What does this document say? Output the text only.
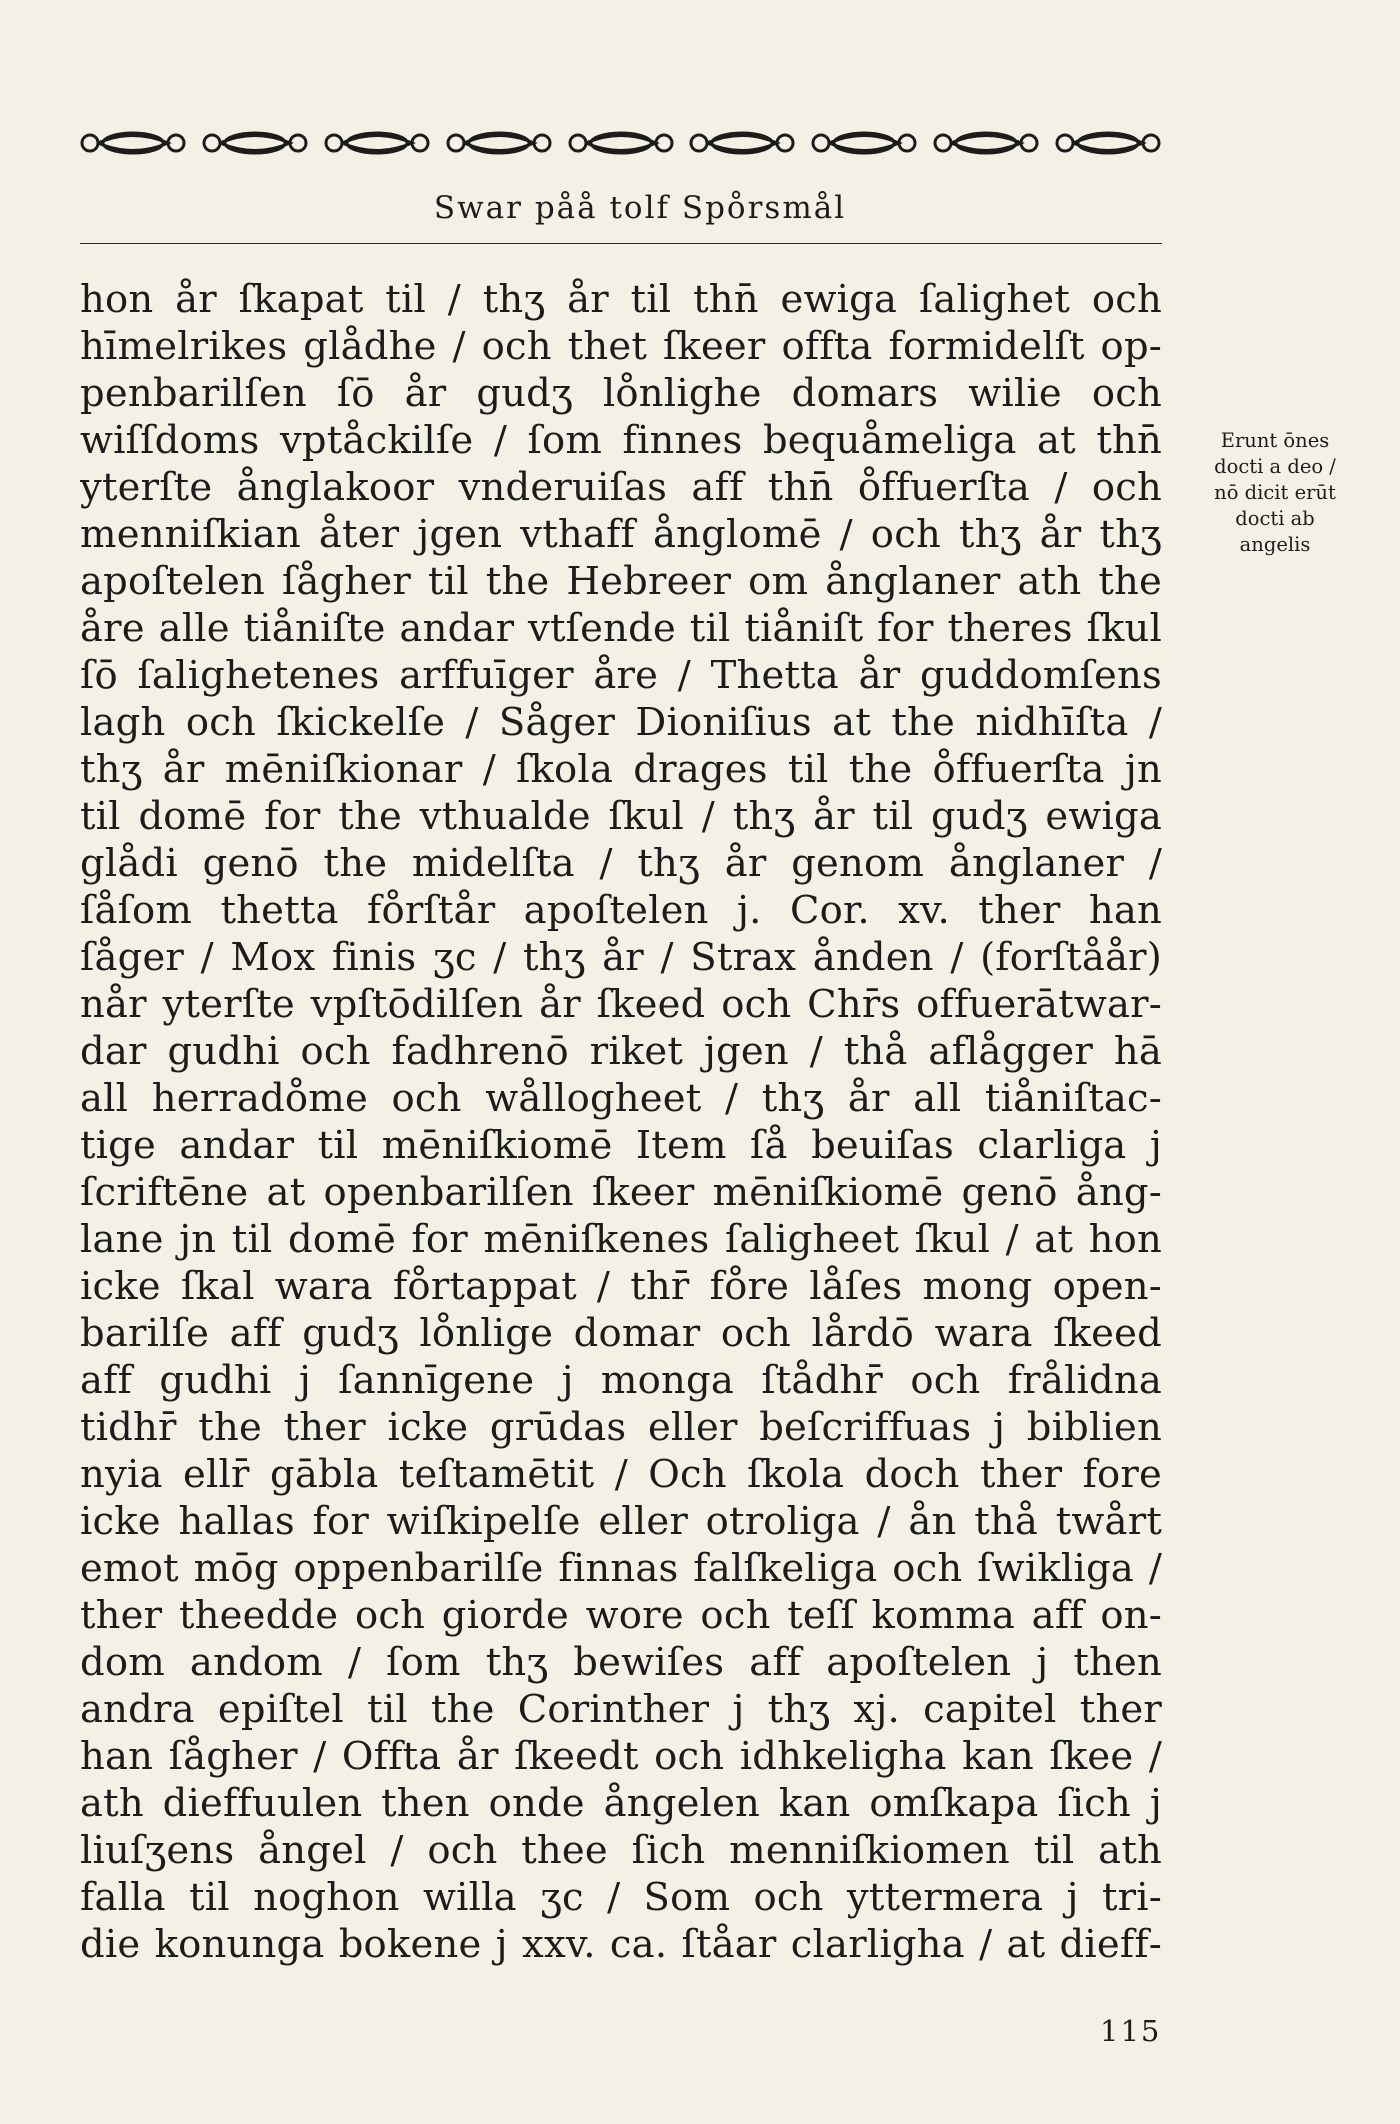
Swar påå tolf Spo̊rsmål
hon år ſkapat til / thʒ år til thn̄ ewiga ſalighet och
hīmelrikes glådhe / och thet ſkeer offta formidelſt op‑
penbarilſen ſō år gudʒ lo̊nlighe domars wilie och
wiſſdoms vptåckilſe / ſom finnes bequåmeliga at thn̄
yterſte ånglakoor vnderuiſas aff thn̄ o̊ffuerſta / och
menniſkian åter jgen vthaff ånglomē / och thʒ år thʒ
apoſtelen ſågher til the Hebreer om ånglaner ath the
åre alle tiåniſte andar vtſende til tiåniſt for theres ſkul
ſō ſalighetenes arffuīger åre / Thetta år guddomſens
lagh och ſkickelſe / Såger Dioniſius at the nidhīſta /
thʒ år mēniſkionar / ſkola drages til the o̊ffuerſta jn
til domē for the vthualde ſkul / thʒ år til gudʒ ewiga
glådi genō the midelſta / thʒ år genom ånglaner /
ſåſom thetta fo̊rſtår apoſtelen j. Cor. xv. ther han
ſåger / Mox finis ʒc / thʒ år / Strax ånden / (forſtåår)
når yterſte vpſtōdilſen år ſkeed och Chr̄s offuerātwar‑
dar gudhi och fadhrenō riket jgen / thå aflågger hā
all herrado̊me och wållogheet / thʒ år all tiåniſtac‑
tige andar til mēniſkiomē Item ſå beuiſas clarliga j
ſcriftēne at openbarilſen ſkeer mēniſkiomē genō ång‑
lane jn til domē for mēniſkenes ſaligheet ſkul / at hon
icke ſkal wara fo̊rtappat / thr̄ fo̊re låſes mong open‑
barilſe aff gudʒ lo̊nlige domar och lårdō wara ſkeed
aff gudhi j ſannīgene j monga ſtådhr̄ och frålidna
tidhr̄ the ther icke grūdas eller beſcriffuas j biblien
nyia ellr̄ gābla teſtamētit / Och ſkola doch ther fore
icke hallas for wiſkipelſe eller otroliga / ån thå twårt
emot mōg oppenbarilſe finnas falſkeliga och ſwikliga /
ther theedde och giorde wore och teſſ komma aff on‑
dom andom / ſom thʒ bewiſes aff apoſtelen j then
andra epiſtel til the Corinther j thʒ xj. capitel ther
han ſågher / Offta år ſkeedt och idhkeligha kan ſkee /
ath dieffuulen then onde ångelen kan omſkapa ſich j
liuſʒens ångel / och thee ſich menniſkiomen til ath
falla til noghon willa ʒc / Som och yttermera j tri‑
die konunga bokene j xxv. ca. ſtåar clarligha / at dieff‑
Erunt ōnes
docti a deo /
nō dicit erūt
docti ab
angelis
115
